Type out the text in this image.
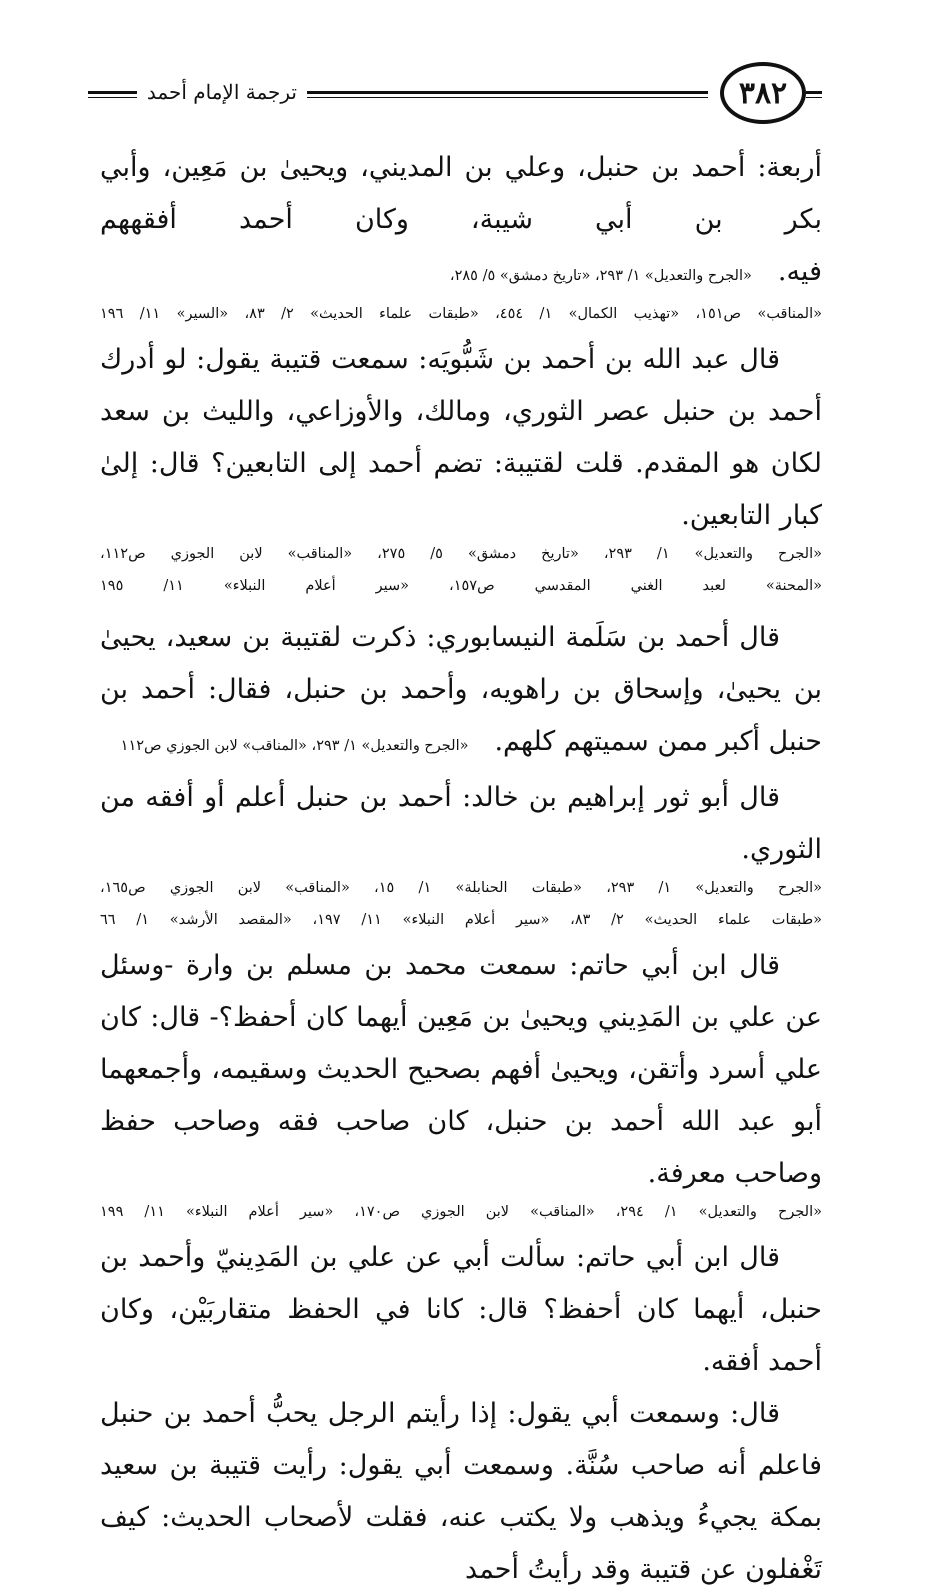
ترجمة الإمام أحمد	٣٨٢

أربعة: أحمد بن حنبل، وعلي بن المديني، ويحيىٰ بن مَعِين، وأبي بكر بن أبي شيبة، وكان أحمد أفقههم فيه.«الجرح والتعديل» ١/ ٢٩٣، «تاريخ دمشق» ٥/ ٢٨٥،

«المناقب» ص١٥١، «تهذيب الكمال» ١/ ٤٥٤، «طبقات علماء الحديث» ٢/ ٨٣، «السير» ١١/ ١٩٦

قال عبد الله بن أحمد بن شَبُّويَه: سمعت قتيبة يقول: لو أدرك أحمد بن حنبل عصر الثوري، ومالك، والأوزاعي، والليث بن سعد لكان هو المقدم. قلت لقتيبة: تضم أحمد إلى التابعين؟ قال: إلىٰ كبار التابعين.

«الجرح والتعديل» ١/ ٢٩٣، «تاريخ دمشق» ٥/ ٢٧٥، «المناقب» لابن الجوزي ص١١٢،

«المحنة» لعبد الغني المقدسي ص١٥٧، «سير أعلام النبلاء» ١١/ ١٩٥

قال أحمد بن سَلَمة النيسابوري: ذكرت لقتيبة بن سعيد، يحيىٰ بن يحيىٰ، وإسحاق بن راهويه، وأحمد بن حنبل، فقال: أحمد بن حنبل أكبر ممن سميتهم كلهم.«الجرح والتعديل» ١/ ٢٩٣، «المناقب» لابن الجوزي ص١١٢

قال أبو ثور إبراهيم بن خالد: أحمد بن حنبل أعلم أو أفقه من الثوري.

«الجرح والتعديل» ١/ ٢٩٣، «طبقات الحنابلة» ١/ ١٥، «المناقب» لابن الجوزي ص١٦٥،

«طبقات علماء الحديث» ٢/ ٨٣، «سير أعلام النبلاء» ١١/ ١٩٧، «المقصد الأرشد» ١/ ٦٦

قال ابن أبي حاتم: سمعت محمد بن مسلم بن وارة -وسئل عن علي بن المَدِيني ويحيىٰ بن مَعِين أيهما كان أحفظ؟- قال: كان علي أسرد وأتقن، ويحيىٰ أفهم بصحيح الحديث وسقيمه، وأجمعهما أبو عبد الله أحمد بن حنبل، كان صاحب فقه وصاحب حفظ وصاحب معرفة.

«الجرح والتعديل» ١/ ٢٩٤، «المناقب» لابن الجوزي ص١٧٠، «سير أعلام النبلاء» ١١/ ١٩٩

قال ابن أبي حاتم: سألت أبي عن علي بن المَدِينيّ وأحمد بن حنبل، أيهما كان أحفظ؟ قال: كانا في الحفظ متقاربَيْن، وكان أحمد أفقه.

قال: وسمعت أبي يقول: إذا رأيتم الرجل يحبُّ أحمد بن حنبل فاعلم أنه صاحب سُنَّة. وسمعت أبي يقول: رأيت قتيبة بن سعيد بمكة يجيءُ ويذهب ولا يكتب عنه، فقلت لأصحاب الحديث: كيف تَغْفلون عن قتيبة وقد رأيتُ أحمد
